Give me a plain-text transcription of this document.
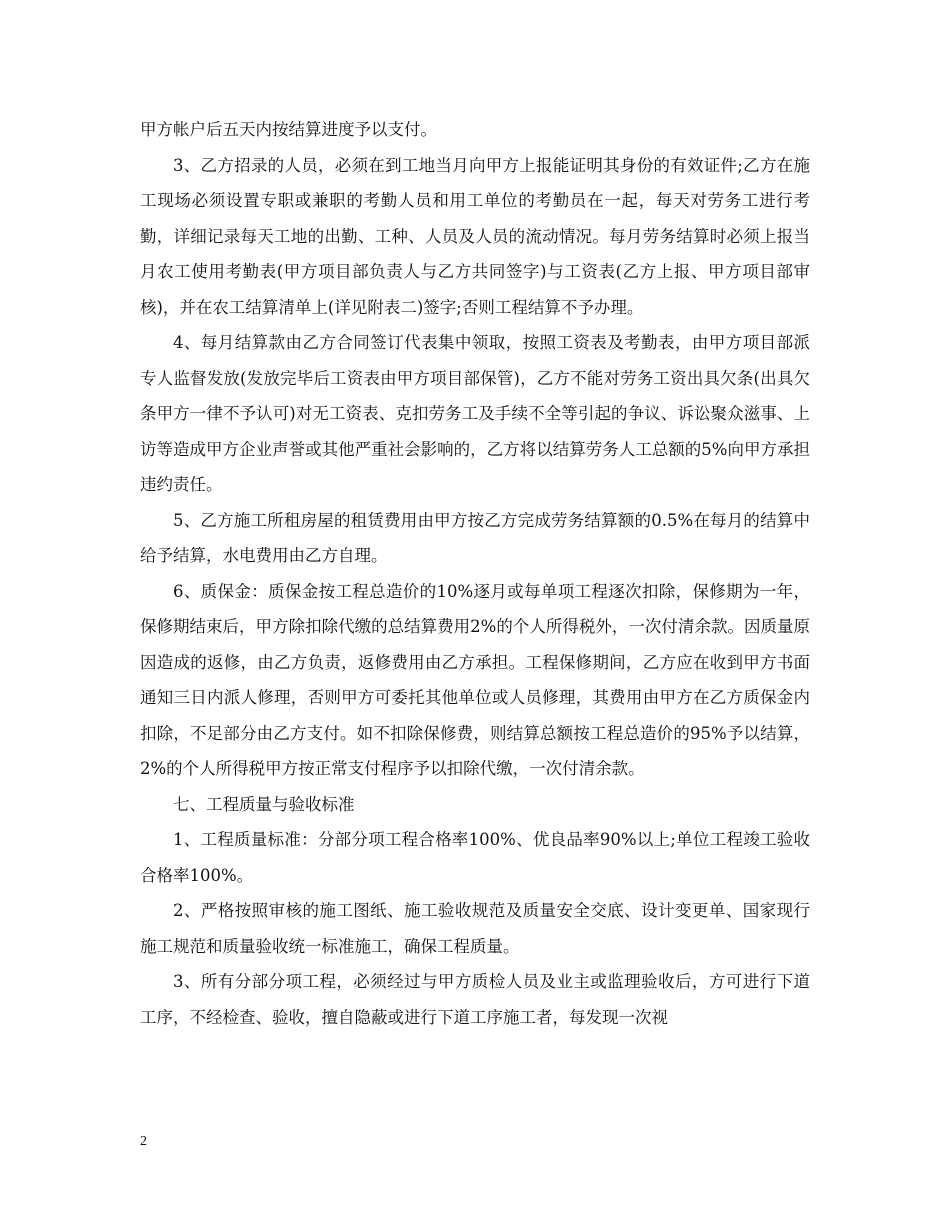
甲方帐户后五天内按结算进度予以支付。

3、乙方招录的人员，必须在到工地当月向甲方上报能证明其身份的有效证件;乙方在施工现场必须设置专职或兼职的考勤人员和用工单位的考勤员在一起，每天对劳务工进行考勤，详细记录每天工地的出勤、工种、人员及人员的流动情况。每月劳务结算时必须上报当月农工使用考勤表(甲方项目部负责人与乙方共同签字)与工资表(乙方上报、甲方项目部审核)，并在农工结算清单上(详见附表二)签字;否则工程结算不予办理。

4、每月结算款由乙方合同签订代表集中领取，按照工资表及考勤表，由甲方项目部派专人监督发放(发放完毕后工资表由甲方项目部保管)，乙方不能对劳务工资出具欠条(出具欠条甲方一律不予认可)对无工资表、克扣劳务工及手续不全等引起的争议、诉讼聚众滋事、上访等造成甲方企业声誉或其他严重社会影响的，乙方将以结算劳务人工总额的5%向甲方承担违约责任。

5、乙方施工所租房屋的租赁费用由甲方按乙方完成劳务结算额的0.5%在每月的结算中给予结算，水电费用由乙方自理。

6、质保金：质保金按工程总造价的10%逐月或每单项工程逐次扣除，保修期为一年，保修期结束后，甲方除扣除代缴的总结算费用2%的个人所得税外，一次付清余款。因质量原因造成的返修，由乙方负责，返修费用由乙方承担。工程保修期间，乙方应在收到甲方书面通知三日内派人修理，否则甲方可委托其他单位或人员修理，其费用由甲方在乙方质保金内扣除，不足部分由乙方支付。如不扣除保修费，则结算总额按工程总造价的95%予以结算，2%的个人所得税甲方按正常支付程序予以扣除代缴，一次付清余款。

七、工程质量与验收标准

1、工程质量标准：分部分项工程合格率100%、优良品率90%以上;单位工程竣工验收合格率100%。

2、严格按照审核的施工图纸、施工验收规范及质量安全交底、设计变更单、国家现行施工规范和质量验收统一标准施工，确保工程质量。

3、所有分部分项工程，必须经过与甲方质检人员及业主或监理验收后，方可进行下道工序，不经检查、验收，擅自隐蔽或进行下道工序施工者，每发现一次视

2
